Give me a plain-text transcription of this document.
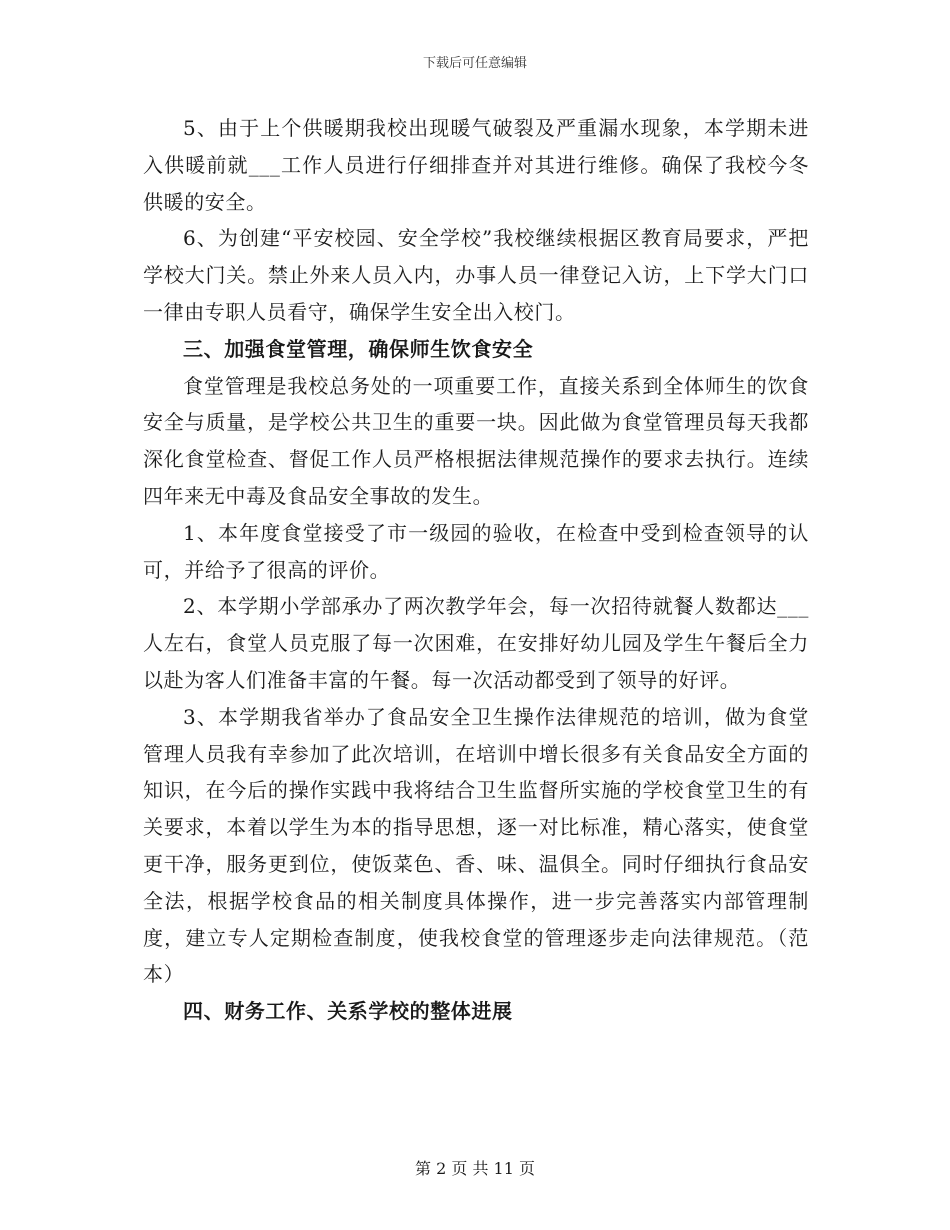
下载后可任意编辑

5、由于上个供暖期我校出现暖气破裂及严重漏水现象，本学期未进入供暖前就___工作人员进行仔细排查并对其进行维修。确保了我校今冬供暖的安全。

6、为创建“平安校园、安全学校”我校继续根据区教育局要求，严把学校大门关。禁止外来人员入内，办事人员一律登记入访，上下学大门口一律由专职人员看守，确保学生安全出入校门。

三、加强食堂管理，确保师生饮食安全

食堂管理是我校总务处的一项重要工作，直接关系到全体师生的饮食安全与质量，是学校公共卫生的重要一块。因此做为食堂管理员每天我都深化食堂检查、督促工作人员严格根据法律规范操作的要求去执行。连续四年来无中毒及食品安全事故的发生。

1、本年度食堂接受了市一级园的验收，在检查中受到检查领导的认可，并给予了很高的评价。

2、本学期小学部承办了两次教学年会，每一次招待就餐人数都达___人左右，食堂人员克服了每一次困难，在安排好幼儿园及学生午餐后全力以赴为客人们准备丰富的午餐。每一次活动都受到了领导的好评。

3、本学期我省举办了食品安全卫生操作法律规范的培训，做为食堂管理人员我有幸参加了此次培训，在培训中增长很多有关食品安全方面的知识，在今后的操作实践中我将结合卫生监督所实施的学校食堂卫生的有关要求，本着以学生为本的指导思想，逐一对比标准，精心落实，使食堂更干净，服务更到位，使饭菜色、香、味、温俱全。同时仔细执行食品安全法，根据学校食品的相关制度具体操作，进一步完善落实内部管理制度，建立专人定期检查制度，使我校食堂的管理逐步走向法律规范。（范本）

四、财务工作、关系学校的整体进展

第 2 页 共 11 页
